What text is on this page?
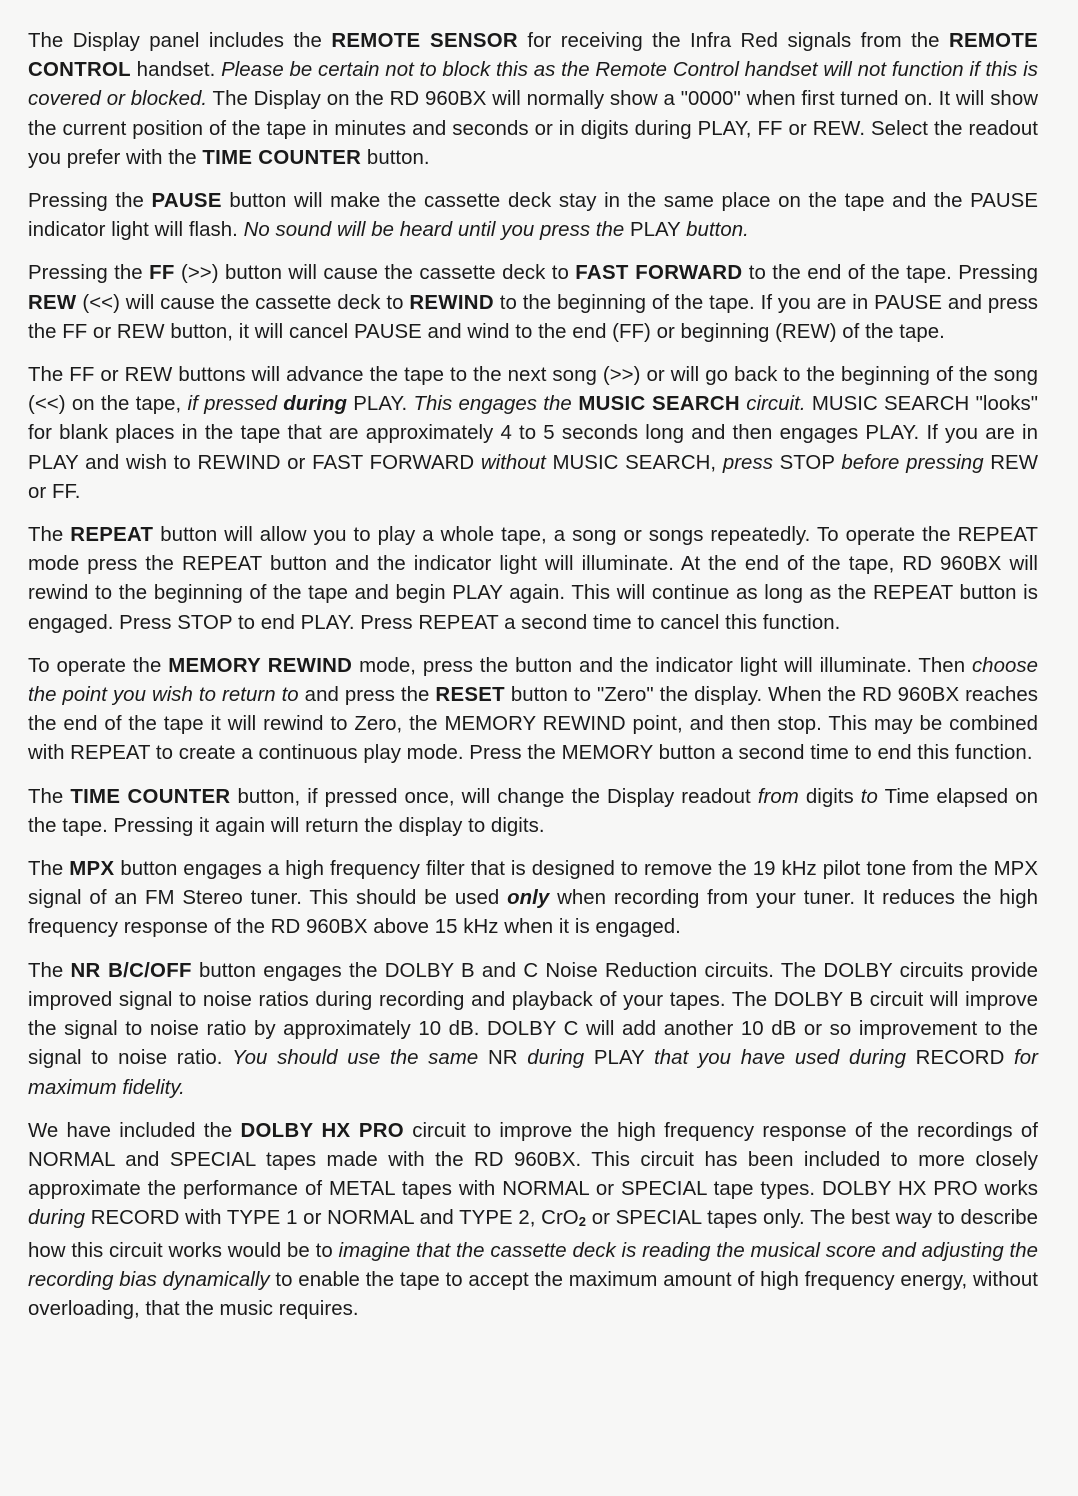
The Display panel includes the REMOTE SENSOR for receiving the Infra Red signals from the REMOTE CONTROL handset. Please be certain not to block this as the Remote Control handset will not function if this is covered or blocked. The Display on the RD 960BX will normally show a "0000" when first turned on. It will show the current position of the tape in minutes and seconds or in digits during PLAY, FF or REW. Select the readout you prefer with the TIME COUNTER button.

Pressing the PAUSE button will make the cassette deck stay in the same place on the tape and the PAUSE indicator light will flash. No sound will be heard until you press the PLAY button.

Pressing the FF (>>) button will cause the cassette deck to FAST FORWARD to the end of the tape. Pressing REW (<<) will cause the cassette deck to REWIND to the beginning of the tape. If you are in PAUSE and press the FF or REW button, it will cancel PAUSE and wind to the end (FF) or beginning (REW) of the tape.

The FF or REW buttons will advance the tape to the next song (>>) or will go back to the beginning of the song (<<) on the tape, if pressed during PLAY. This engages the MUSIC SEARCH circuit. MUSIC SEARCH "looks" for blank places in the tape that are approximately 4 to 5 seconds long and then engages PLAY. If you are in PLAY and wish to REWIND or FAST FORWARD without MUSIC SEARCH, press STOP before pressing REW or FF.

The REPEAT button will allow you to play a whole tape, a song or songs repeatedly. To operate the REPEAT mode press the REPEAT button and the indicator light will illuminate. At the end of the tape, RD 960BX will rewind to the beginning of the tape and begin PLAY again. This will continue as long as the REPEAT button is engaged. Press STOP to end PLAY. Press REPEAT a second time to cancel this function.

To operate the MEMORY REWIND mode, press the button and the indicator light will illuminate. Then choose the point you wish to return to and press the RESET button to "Zero" the display. When the RD 960BX reaches the end of the tape it will rewind to Zero, the MEMORY REWIND point, and then stop. This may be combined with REPEAT to create a continuous play mode. Press the MEMORY button a second time to end this function.

The TIME COUNTER button, if pressed once, will change the Display readout from digits to Time elapsed on the tape. Pressing it again will return the display to digits.

The MPX button engages a high frequency filter that is designed to remove the 19 kHz pilot tone from the MPX signal of an FM Stereo tuner. This should be used only when recording from your tuner. It reduces the high frequency response of the RD 960BX above 15 kHz when it is engaged.

The NR B/C/OFF button engages the DOLBY B and C Noise Reduction circuits. The DOLBY circuits provide improved signal to noise ratios during recording and playback of your tapes. The DOLBY B circuit will improve the signal to noise ratio by approximately 10 dB. DOLBY C will add another 10 dB or so improvement to the signal to noise ratio. You should use the same NR during PLAY that you have used during RECORD for maximum fidelity.

We have included the DOLBY HX PRO circuit to improve the high frequency response of the recordings of NORMAL and SPECIAL tapes made with the RD 960BX. This circuit has been included to more closely approximate the performance of METAL tapes with NORMAL or SPECIAL tape types. DOLBY HX PRO works during RECORD with TYPE 1 or NORMAL and TYPE 2, CrO2 or SPECIAL tapes only. The best way to describe how this circuit works would be to imagine that the cassette deck is reading the musical score and adjusting the recording bias dynamically to enable the tape to accept the maximum amount of high frequency energy, without overloading, that the music requires.
